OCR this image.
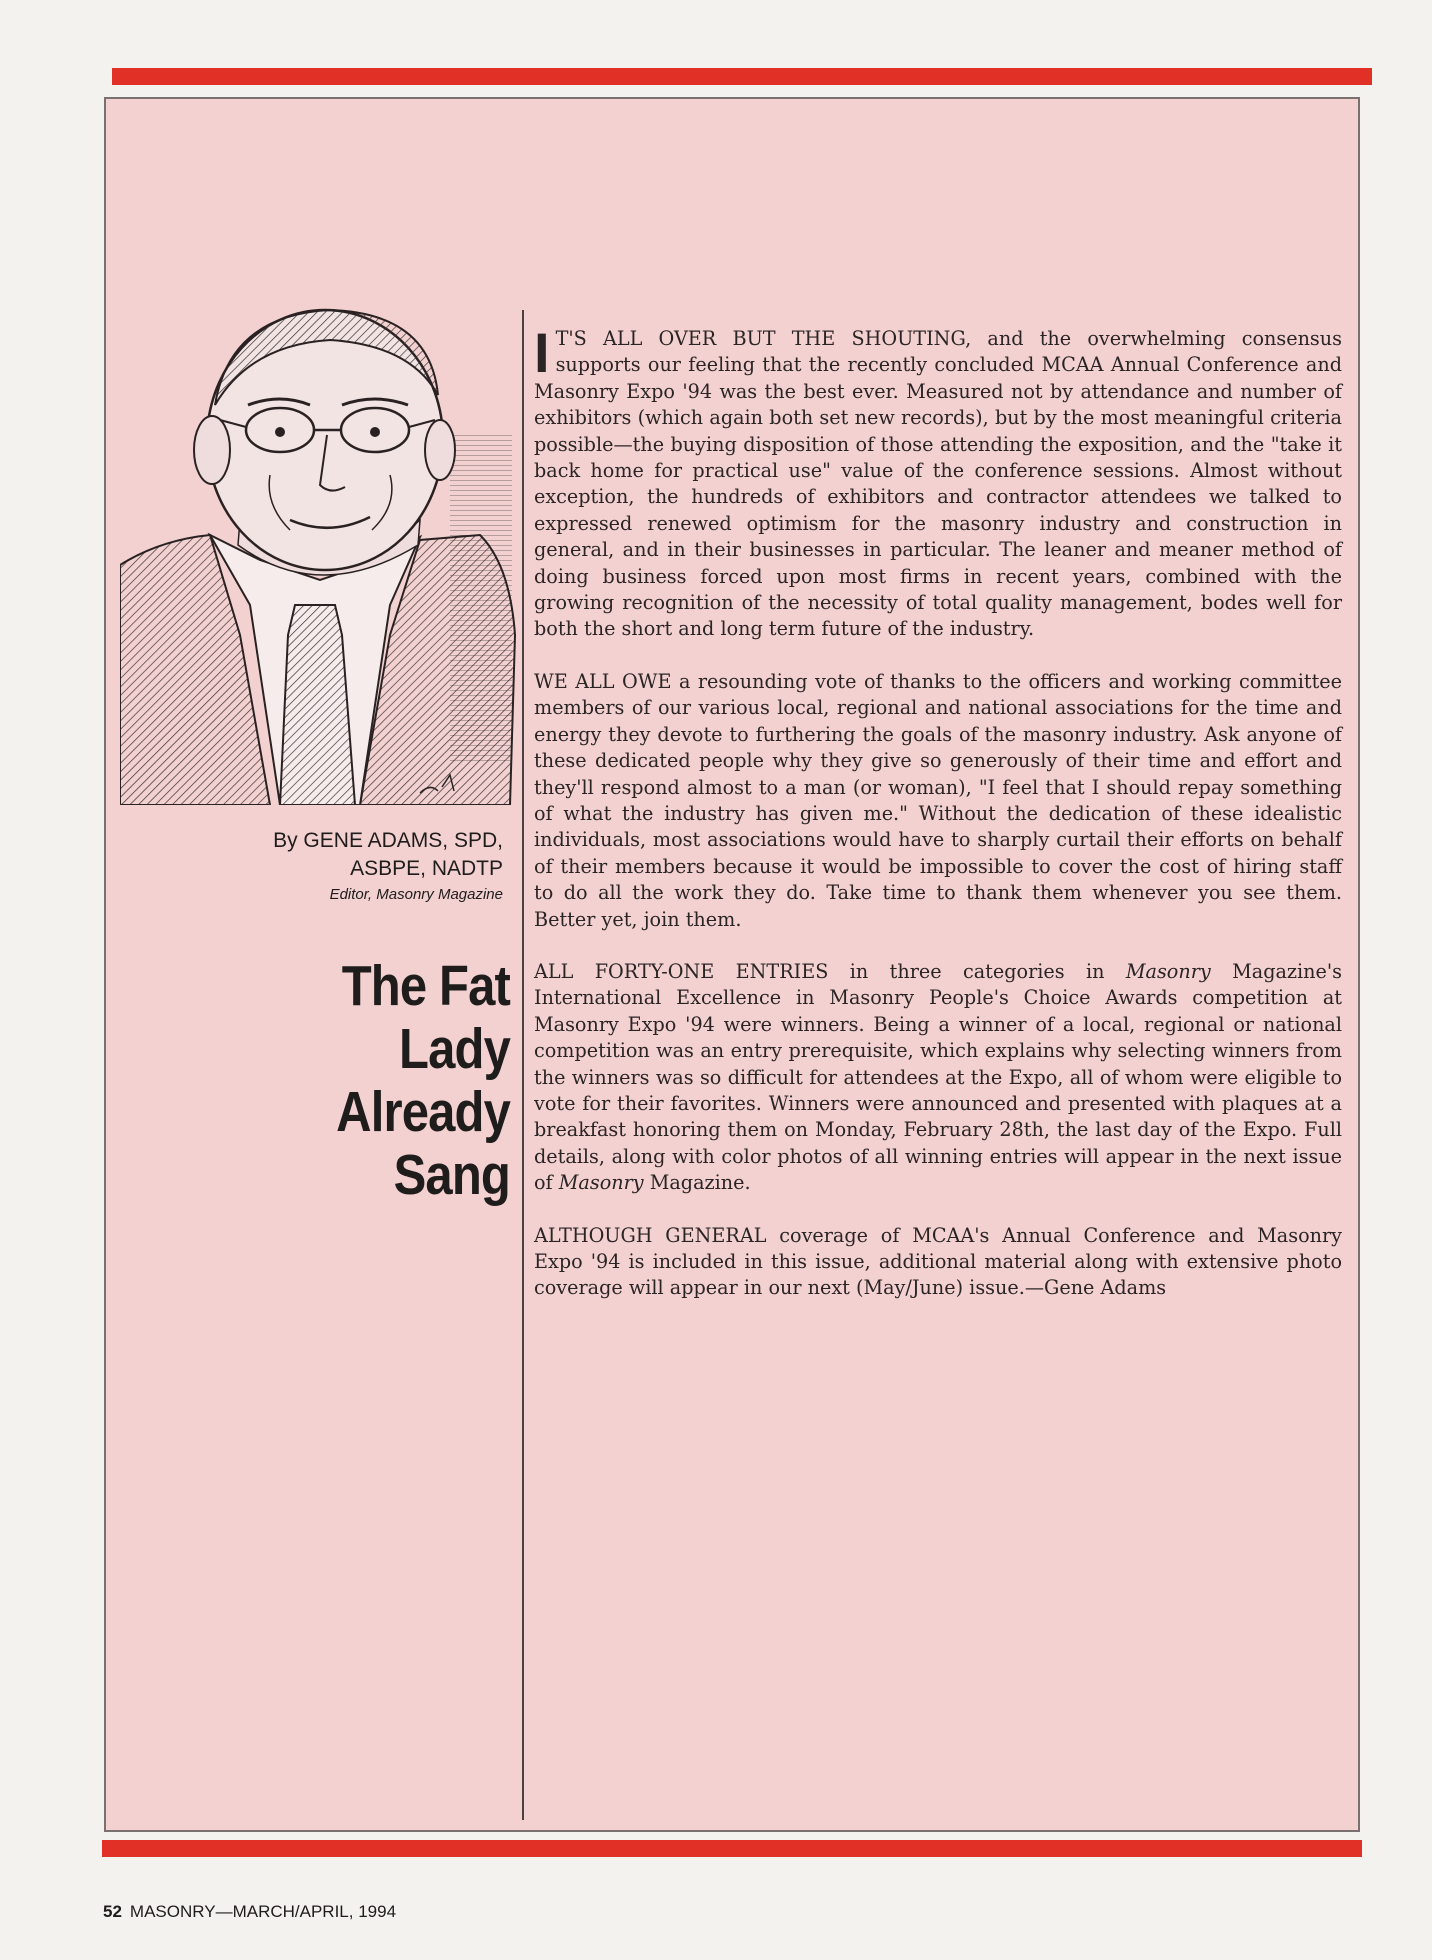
By GENE ADAMS, SPD,
ASBPE, NADTP
Editor, Masonry Magazine
The Fat
Lady
Already
Sang

I T'S ALL OVER BUT THE SHOUTING, and the overwhelming consensus supports our feeling that the recently concluded MCAA Annual Conference and Masonry Expo '94 was the best ever. Measured not by attendance and number of exhibitors (which again both set new records), but by the most meaningful criteria possible—the buying disposition of those attending the exposition, and the "take it back home for practical use" value of the conference sessions. Almost without exception, the hundreds of exhibitors and contractor attendees we talked to expressed renewed optimism for the masonry industry and construction in general, and in their businesses in particular. The leaner and meaner method of doing business forced upon most firms in recent years, combined with the growing recognition of the necessity of total quality management, bodes well for both the short and long term future of the industry.

WE ALL OWE a resounding vote of thanks to the officers and working committee members of our various local, regional and national associations for the time and energy they devote to furthering the goals of the masonry industry. Ask anyone of these dedicated people why they give so generously of their time and effort and they'll respond almost to a man (or woman), "I feel that I should repay something of what the industry has given me." Without the dedication of these idealistic individuals, most associations would have to sharply curtail their efforts on behalf of their members because it would be impossible to cover the cost of hiring staff to do all the work they do. Take time to thank them whenever you see them. Better yet, join them.

ALL FORTY-ONE ENTRIES in three categories in Masonry Magazine's International Excellence in Masonry People's Choice Awards competition at Masonry Expo '94 were winners. Being a winner of a local, regional or national competition was an entry prerequisite, which explains why selecting winners from the winners was so difficult for attendees at the Expo, all of whom were eligible to vote for their favorites. Winners were announced and presented with plaques at a breakfast honoring them on Monday, February 28th, the last day of the Expo. Full details, along with color photos of all winning entries will appear in the next issue of Masonry Magazine.

ALTHOUGH GENERAL coverage of MCAA's Annual Conference and Masonry Expo '94 is included in this issue, additional material along with extensive photo coverage will appear in our next (May/June) issue.—Gene Adams

52 MASONRY—MARCH/APRIL, 1994
